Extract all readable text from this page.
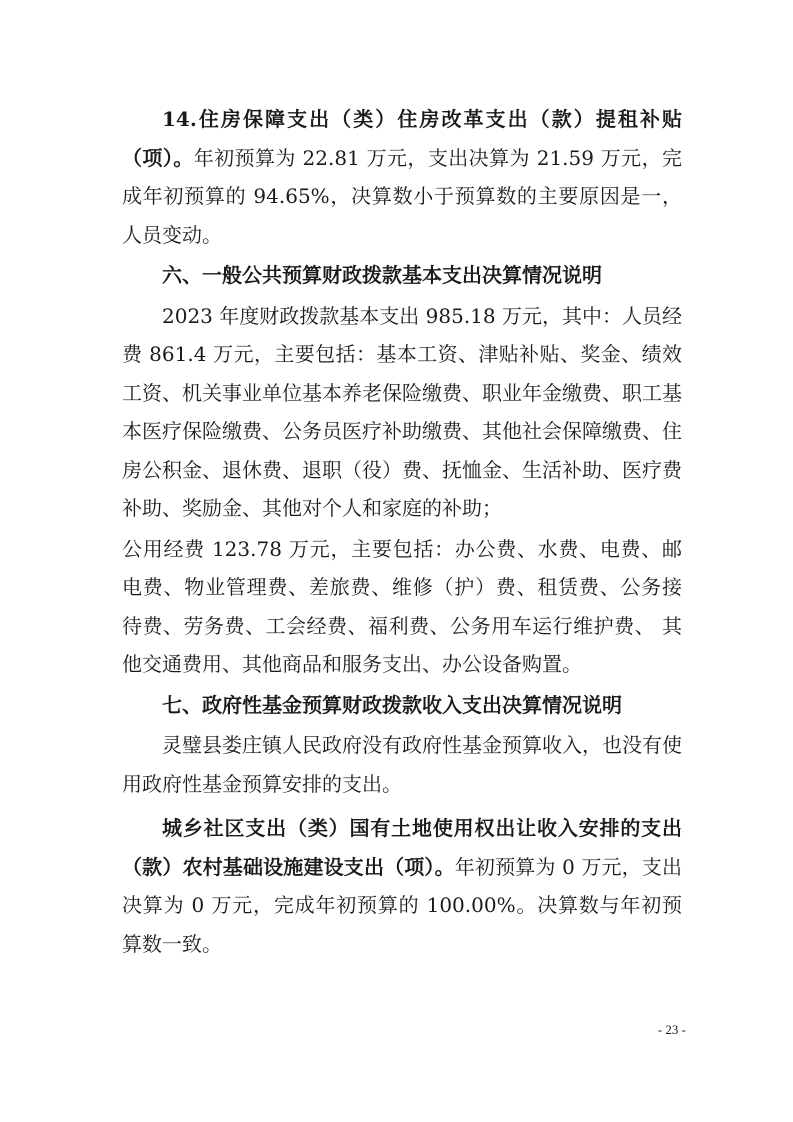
14.住房保障支出（类）住房改革支出（款）提租补贴（项）。年初预算为 22.81 万元，支出决算为 21.59 万元，完成年初预算的 94.65%，决算数小于预算数的主要原因是一，人员变动。

六、一般公共预算财政拨款基本支出决算情况说明

2023 年度财政拨款基本支出 985.18 万元，其中：人员经费 861.4 万元，主要包括：基本工资、津贴补贴、奖金、绩效工资、机关事业单位基本养老保险缴费、职业年金缴费、职工基本医疗保险缴费、公务员医疗补助缴费、其他社会保障缴费、住房公积金、退休费、退职（役）费、抚恤金、生活补助、医疗费补助、奖励金、其他对个人和家庭的补助；

公用经费 123.78 万元，主要包括：办公费、水费、电费、邮电费、物业管理费、差旅费、维修（护）费、租赁费、公务接 待费、劳务费、工会经费、福利费、公务用车运行维护费、 其他交通费用、其他商品和服务支出、办公设备购置。

七、政府性基金预算财政拨款收入支出决算情况说明

灵璧县娄庄镇人民政府没有政府性基金预算收入，也没有使用政府性基金预算安排的支出。

城乡社区支出（类）国有土地使用权出让收入安排的支出（款）农村基础设施建设支出（项）。年初预算为 0 万元，支出决算为 0 万元，完成年初预算的 100.00%。决算数与年初预算数一致。

- 23 -
